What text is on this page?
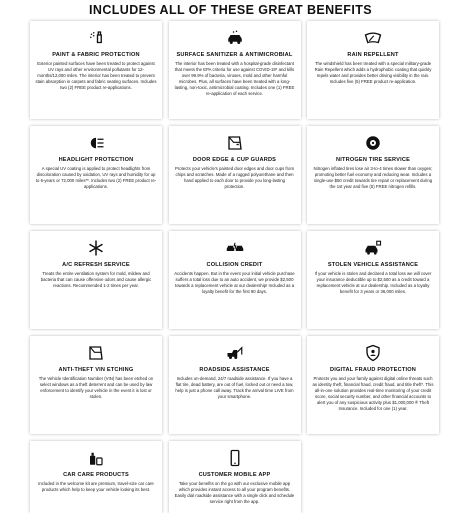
INCLUDES ALL OF THESE GREAT BENEFITS
PAINT & FABRIC PROTECTION
Exterior painted surfaces have been treated to protect against UV rays and other environmental pollutants for 12-months/12,000 miles. The interior has been treated to prevent stain absorption in carpets and fabric seating surfaces. Includes two (2) FREE product re-applications.
SURFACE SANITIZER & ANTIMICROBIAL
The interior has been treated with a hospital-grade disinfectant that meets the EPA criteria for use against COVID-19* and kills over 99.9% of bacteria, viruses, mold and other harmful microbes. Plus, all surfaces have been treated with a long-lasting, non-toxic, antimicrobial coating. Includes one (1) FREE re-application of each service.
RAIN REPELLENT
The windshield has been treated with a special military-grade Rain Repellent which adds a hydrophobic coating that quickly repels water and provides better driving visibility in the rain. Includes five (5) FREE product re-application.
HEADLIGHT PROTECTION
A special UV coating is applied to protect headlights from discoloration caused by oxidation, UV rays and humidity for up to 6-years or 72,000 miles**. Includes two (2) FREE product re-applications.
DOOR EDGE & CUP GUARDS
Protects your vehicle's painted door edges and door cups from chips and scratches. Made of a rugged polyurethane and then hand applied to each door to provide you long-lasting protection.
NITROGEN TIRE SERVICE
Nitrogen inflated tires lose air 3-to-4 times slower than oxygen; promoting better fuel economy and reducing wear. Includes a single-use $50 credit towards tire repair or replacement during the 1st year and five (5) FREE nitrogen refills.
A/C REFRESH SERVICE
Treats the entire ventilation system for mold, mildew and bacteria that can cause offensive odors and cause allergic reactions. Recommended 1-2 times per year.
COLLISION CREDIT
Accidents happen. But in the event your initial vehicle purchase suffers a total loss due to an auto accident, we provide $2,500 towards a replacement vehicle at our dealership! Included as a loyalty benefit for the first 90 days.
STOLEN VEHICLE ASSISTANCE
If your vehicle is stolen and declared a total loss we will cover your insurance deductible up to $2,500 as a credit toward a replacement vehicle at our dealership. Included as a loyalty benefit for 3 years or 36,000 miles.
ANTI-THEFT VIN ETCHING
The Vehicle Identification Number (VIN) has been etched on select windows as a theft deterrent and can be used by law enforcement to identify your vehicle in the event it is lost or stolen.
ROADSIDE ASSISTANCE
Includes on-demand, 24/7 roadside assistance. If you have a flat tire, dead battery, are out of fuel, locked out or need a tow, help is just a phone call away. Track the arrival time LIVE from your smartphone.
DIGITAL FRAUD PROTECTION
Protects you and your family against digital online threats such as identity theft, financial fraud, credit fraud, and title theft*. This all-in-one solution provides real-time monitoring of your credit score, social security number, and other financial accounts to alert you of any suspicious activity plus $1,000,000 ® Theft Insurance. Included for one (1) year.
CAR CARE PRODUCTS
Included in the welcome kit are premium, travel-size car care products which help to keep your vehicle looking its best.
CUSTOMER MOBILE APP
Take your benefits on the go with our exclusive mobile app which provides instant access to all your program benefits. Easily dial roadside assistance with a single click and schedule service right from the app.
